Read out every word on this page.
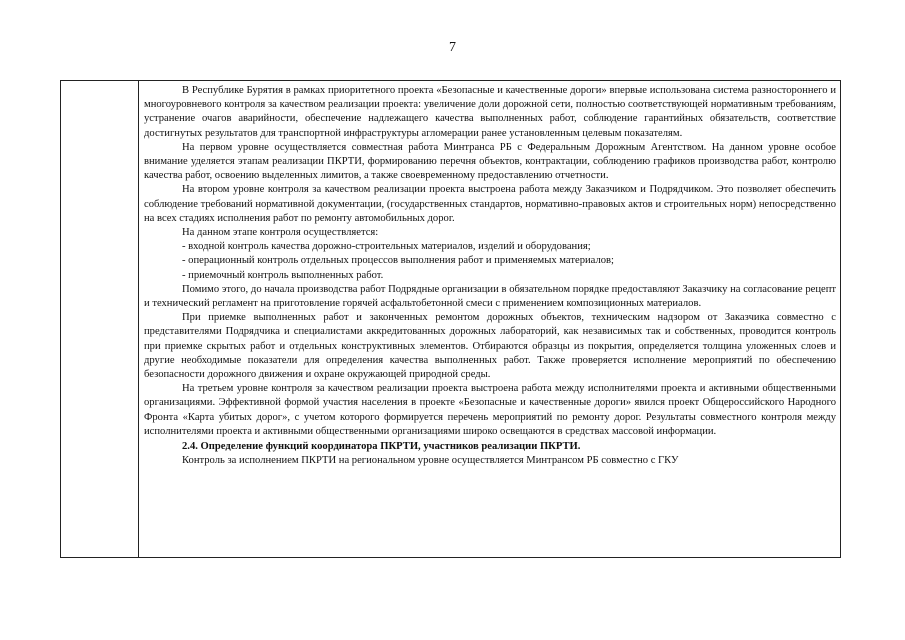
7

В Республике Бурятия в рамках приоритетного проекта «Безопасные и качественные дороги» впервые использована система разностороннего и многоуровневого контроля за качеством реализации проекта: увеличение доли дорожной сети, полностью соответствующей нормативным требованиям, устранение очагов аварийности, обеспечение надлежащего качества выполненных работ, соблюдение гарантийных обязательств, соответствие достигнутых результатов для транспортной инфраструктуры агломерации ранее установленным целевым показателям.

На первом уровне осуществляется совместная работа Минтранса РБ с Федеральным Дорожным Агентством. На данном уровне особое внимание уделяется этапам реализации ПКРТИ, формированию перечня объектов, контрактации, соблюдению графиков производства работ, контролю качества работ, освоению выделенных лимитов, а также своевременному предоставлению отчетности.

На втором уровне контроля за качеством реализации проекта выстроена работа между Заказчиком и Подрядчиком. Это позволяет обеспечить соблюдение требований нормативной документации, (государственных стандартов, нормативно-правовых актов и строительных норм) непосредственно на всех стадиях исполнения работ по ремонту автомобильных дорог.

На данном этапе контроля осуществляется:

- входной контроль качества дорожно-строительных материалов, изделий и оборудования;

- операционный контроль отдельных процессов выполнения работ и применяемых материалов;

- приемочный контроль выполненных работ.

Помимо этого, до начала производства работ Подрядные организации в обязательном порядке предоставляют Заказчику на согласование рецепт и технический регламент на приготовление горячей асфальтобетонной смеси с применением композиционных материалов.

При приемке выполненных работ и законченных ремонтом дорожных объектов, техническим надзором от Заказчика совместно с представителями Подрядчика и специалистами аккредитованных дорожных лабораторий, как независимых так и собственных, проводится контроль при приемке скрытых работ и отдельных конструктивных элементов. Отбираются образцы из покрытия, определяется толщина уложенных слоев и другие необходимые показатели для определения качества выполненных работ. Также проверяется исполнение мероприятий по обеспечению безопасности дорожного движения и охране окружающей природной среды.

На третьем уровне контроля за качеством реализации проекта выстроена работа между исполнителями проекта и активными общественными организациями. Эффективной формой участия населения в проекте «Безопасные и качественные дороги» явился проект Общероссийского Народного Фронта «Карта убитых дорог», с учетом которого формируется перечень мероприятий по ремонту дорог. Результаты совместного контроля между исполнителями проекта и активными общественными организациями широко освещаются в средствах массовой информации.

2.4. Определение функций координатора ПКРТИ, участников реализации ПКРТИ.

Контроль за исполнением ПКРТИ на региональном уровне осуществляется Минтрансом РБ совместно с ГКУ
